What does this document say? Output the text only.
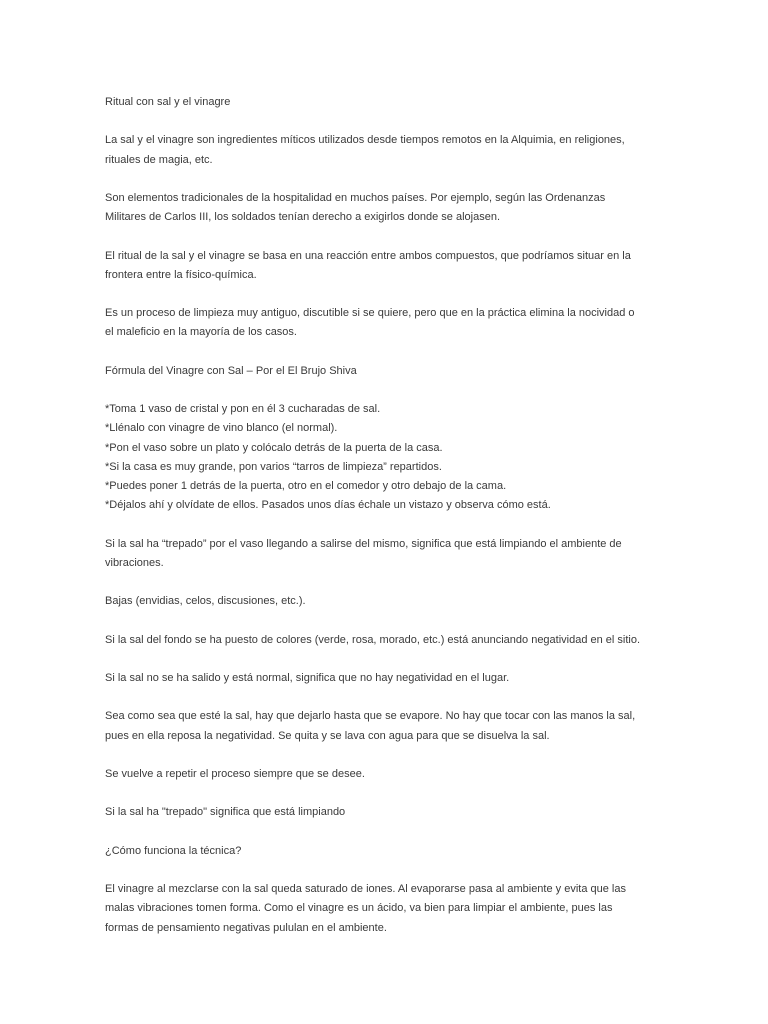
Ritual con sal y el vinagre
La sal y el vinagre son ingredientes míticos utilizados desde tiempos remotos en la Alquimia, en religiones,
rituales de magia, etc.
Son elementos tradicionales de la hospitalidad en muchos países. Por ejemplo, según las Ordenanzas
Militares de Carlos III, los soldados tenían derecho a exigirlos donde se alojasen.
El ritual de la sal y el vinagre se basa en una reacción entre ambos compuestos, que podríamos situar en la
frontera entre la físico-química.
Es un proceso de limpieza muy antiguo, discutible si se quiere, pero que en la práctica elimina la nocividad o
el maleficio en la mayoría de los casos.
Fórmula del Vinagre con Sal – Por el El Brujo Shiva
*Toma 1 vaso de cristal y pon en él 3 cucharadas de sal.
*Llénalo con vinagre de vino blanco (el normal).
*Pon el vaso sobre un plato y colócalo detrás de la puerta de la casa.
*Si la casa es muy grande, pon varios “tarros de limpieza” repartidos.
*Puedes poner 1 detrás de la puerta, otro en el comedor y otro debajo de la cama.
*Déjalos ahí y olvídate de ellos. Pasados unos días échale un vistazo y observa cómo está.
Si la sal ha “trepado” por el vaso llegando a salirse del mismo, significa que está limpiando el ambiente de
vibraciones.
Bajas (envidias, celos, discusiones, etc.).
Si la sal del fondo se ha puesto de colores (verde, rosa, morado, etc.) está anunciando negatividad en el sitio.
Si la sal no se ha salido y está normal, significa que no hay negatividad en el lugar.
Sea como sea que esté la sal, hay que dejarlo hasta que se evapore. No hay que tocar con las manos la sal,
pues en ella reposa la negatividad. Se quita y se lava con agua para que se disuelva la sal.
Se vuelve a repetir el proceso siempre que se desee.
Si la sal ha "trepado" significa que está limpiando
¿Cómo funciona la técnica?
El vinagre al mezclarse con la sal queda saturado de iones. Al evaporarse pasa al ambiente y evita que las
malas vibraciones tomen forma. Como el vinagre es un ácido, va bien para limpiar el ambiente, pues las
formas de pensamiento negativas pululan en el ambiente.
